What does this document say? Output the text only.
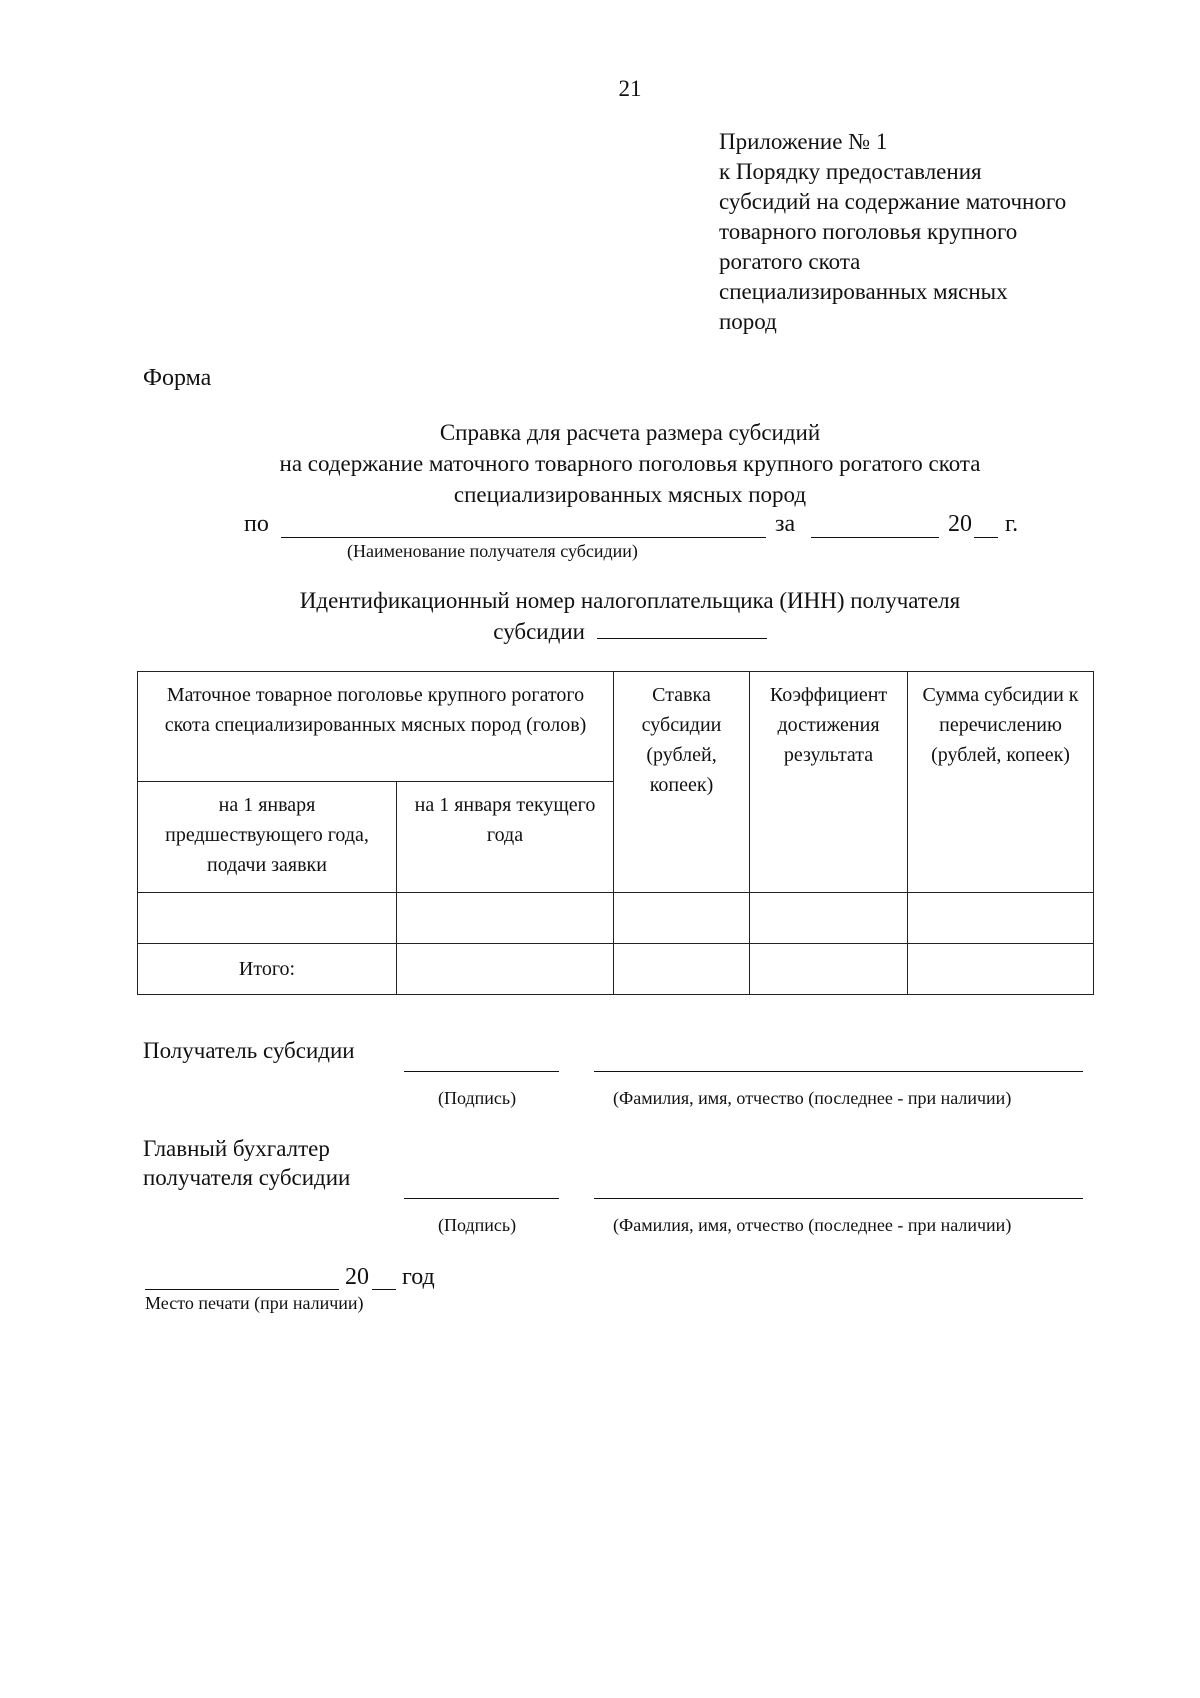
21
Приложение № 1
к Порядку предоставления
субсидий на содержание маточного
товарного поголовья крупного
рогатого скота
специализированных мясных
пород
Форма
Справка для расчета размера субсидий
на содержание маточного товарного поголовья крупного рогатого скота
специализированных мясных пород
по	за	20 г.
(Наименование получателя субсидии)
Идентификационный номер налогоплательщика (ИНН) получателя
субсидии
Маточное товарное поголовье крупного рогатого скота специализированных мясных пород (голов)		Ставка субсидии (рублей, копеек)	Коэффициент достижения результата	Сумма субсидии к перечислению (рублей, копеек)
на 1 января предшествующего года, подачи заявки	на 1 января текущего года			

Итого:				
Получатель субсидии
(Подпись)	(Фамилия, имя, отчество (последнее - при наличии)
Главный бухгалтер
получателя субсидии
(Подпись)	(Фамилия, имя, отчество (последнее - при наличии)
20 год
Место печати (при наличии)
